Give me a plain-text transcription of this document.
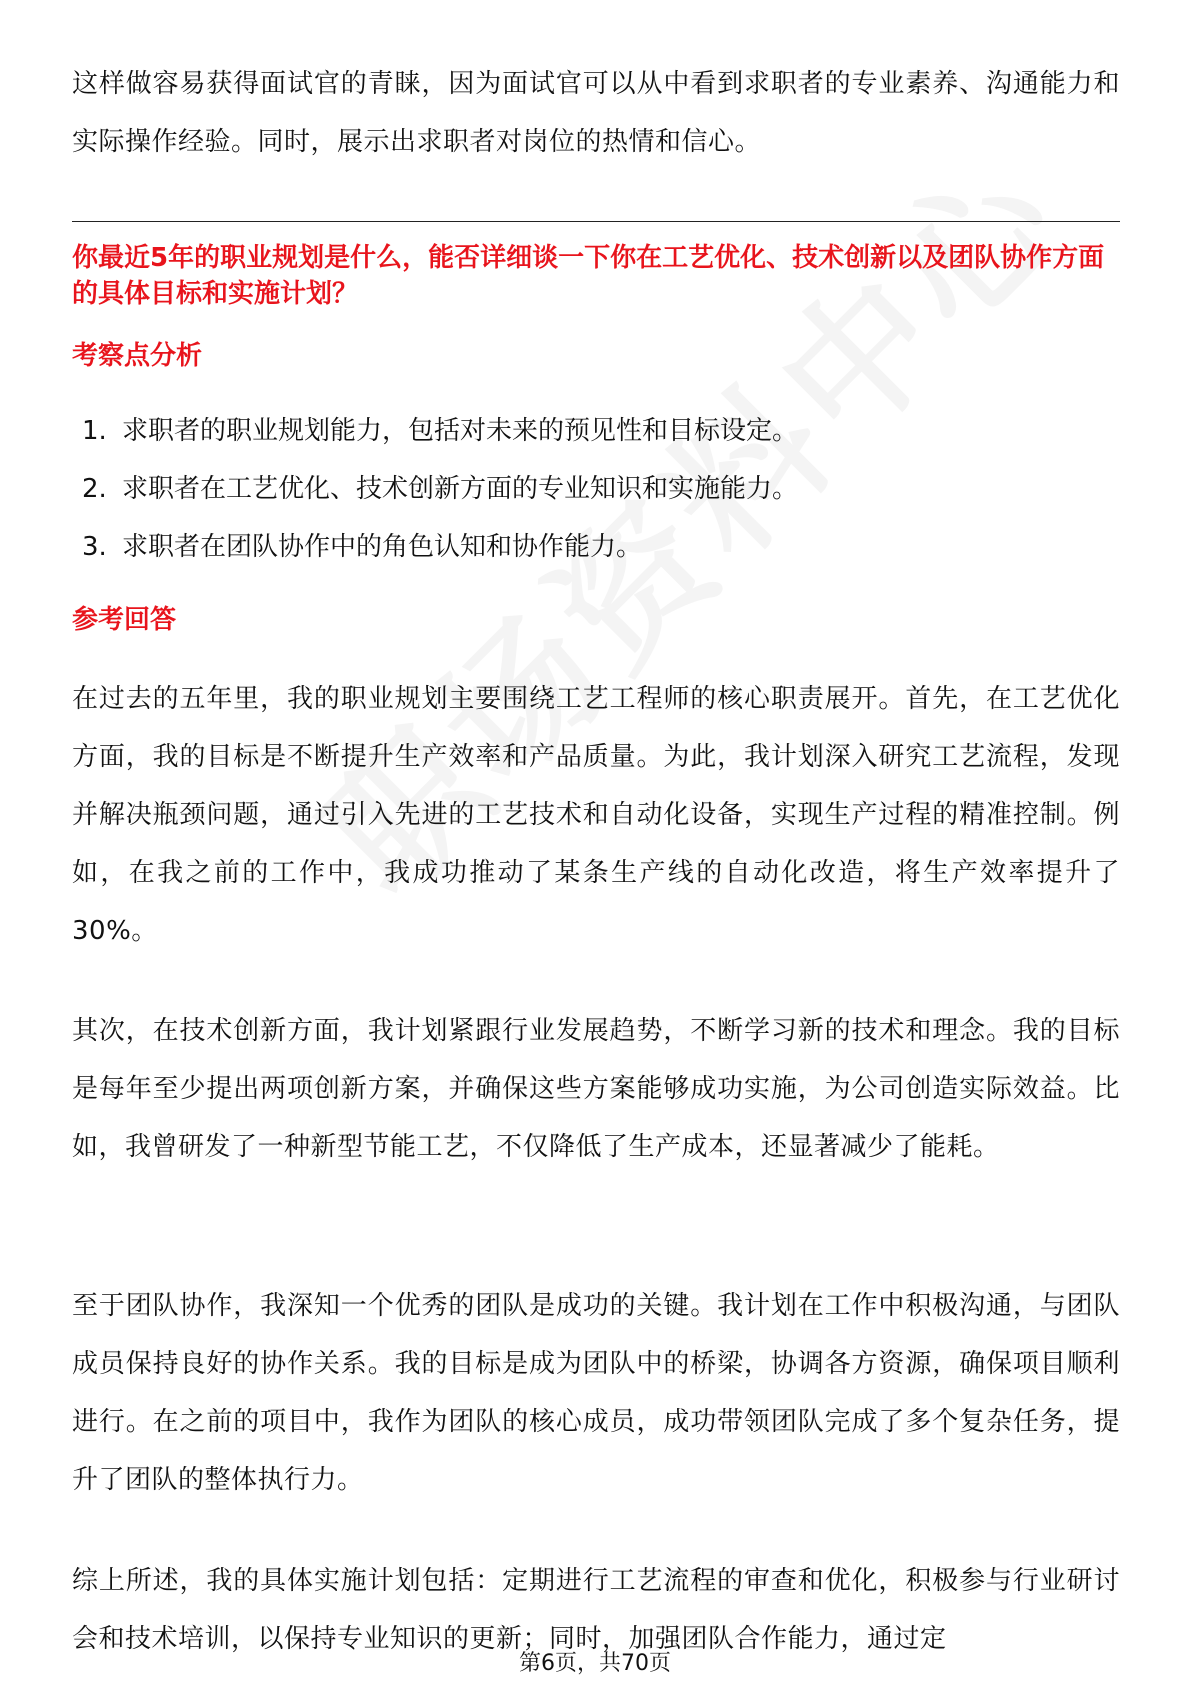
这样做容易获得面试官的青睐，因为面试官可以从中看到求职者的专业素养、沟通能力和实际操作经验。同时，展示出求职者对岗位的热情和信心。

你最近5年的职业规划是什么，能否详细谈一下你在工艺优化、技术创新以及团队协作方面的具体目标和实施计划？

考察点分析

1. 求职者的职业规划能力，包括对未来的预见性和目标设定。
2. 求职者在工艺优化、技术创新方面的专业知识和实施能力。
3. 求职者在团队协作中的角色认知和协作能力。

参考回答

在过去的五年里，我的职业规划主要围绕工艺工程师的核心职责展开。首先，在工艺优化方面，我的目标是不断提升生产效率和产品质量。为此，我计划深入研究工艺流程，发现并解决瓶颈问题，通过引入先进的工艺技术和自动化设备，实现生产过程的精准控制。例如，在我之前的工作中，我成功推动了某条生产线的自动化改造，将生产效率提升了30%。

其次，在技术创新方面，我计划紧跟行业发展趋势，不断学习新的技术和理念。我的目标是每年至少提出两项创新方案，并确保这些方案能够成功实施，为公司创造实际效益。比如，我曾研发了一种新型节能工艺，不仅降低了生产成本，还显著减少了能耗。

至于团队协作，我深知一个优秀的团队是成功的关键。我计划在工作中积极沟通，与团队成员保持良好的协作关系。我的目标是成为团队中的桥梁，协调各方资源，确保项目顺利进行。在之前的项目中，我作为团队的核心成员，成功带领团队完成了多个复杂任务，提升了团队的整体执行力。

综上所述，我的具体实施计划包括：定期进行工艺流程的审查和优化，积极参与行业研讨会和技术培训，以保持专业知识的更新；同时，加强团队合作能力，通过定

第6页，共70页
